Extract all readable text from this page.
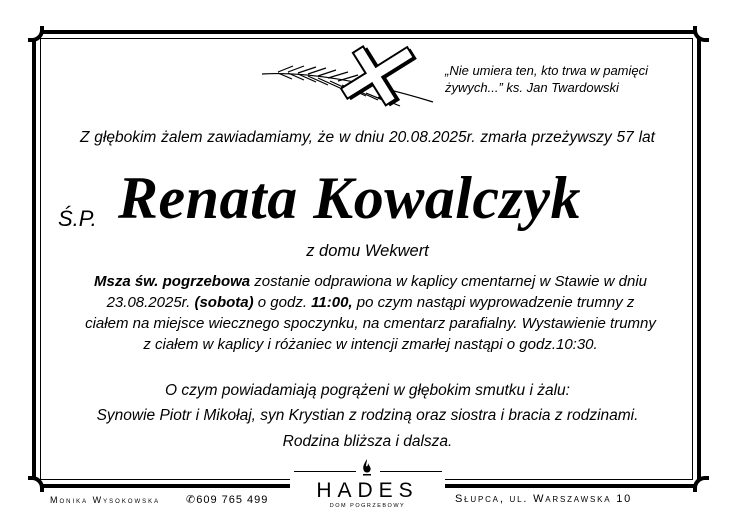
„Nie umiera ten, kto trwa w pamięci
żywych...” ks. Jan Twardowski
Z głębokim żalem zawiadamiamy, że w dniu 20.08.2025r. zmarła przeżywszy 57 lat
Ś.P. Renata Kowalczyk
z domu Wekwert

Msza św. pogrzebowa zostanie odprawiona w kaplicy cmentarnej w Stawie w dniu

23.08.2025r. (sobota) o godz. 11:00, po czym nastąpi wyprowadzenie trumny z

ciałem na miejsce wiecznego spoczynku, na cmentarz parafialny. Wystawienie trumny

z ciałem w kaplicy i różaniec w intencji zmarłej nastąpi o godz.10:30.

O czym powiadamiają pogrążeni w głębokim smutku i żalu:
Synowie Piotr i Mikołaj, syn Krystian z rodziną oraz siostra i bracia z rodzinami.
Rodzina bliższa i dalsza.
Monika Wysokowska ✆609 765 499	HADES
DOM POGRZEBOWY
Słupca, ul. Warszawska 10
